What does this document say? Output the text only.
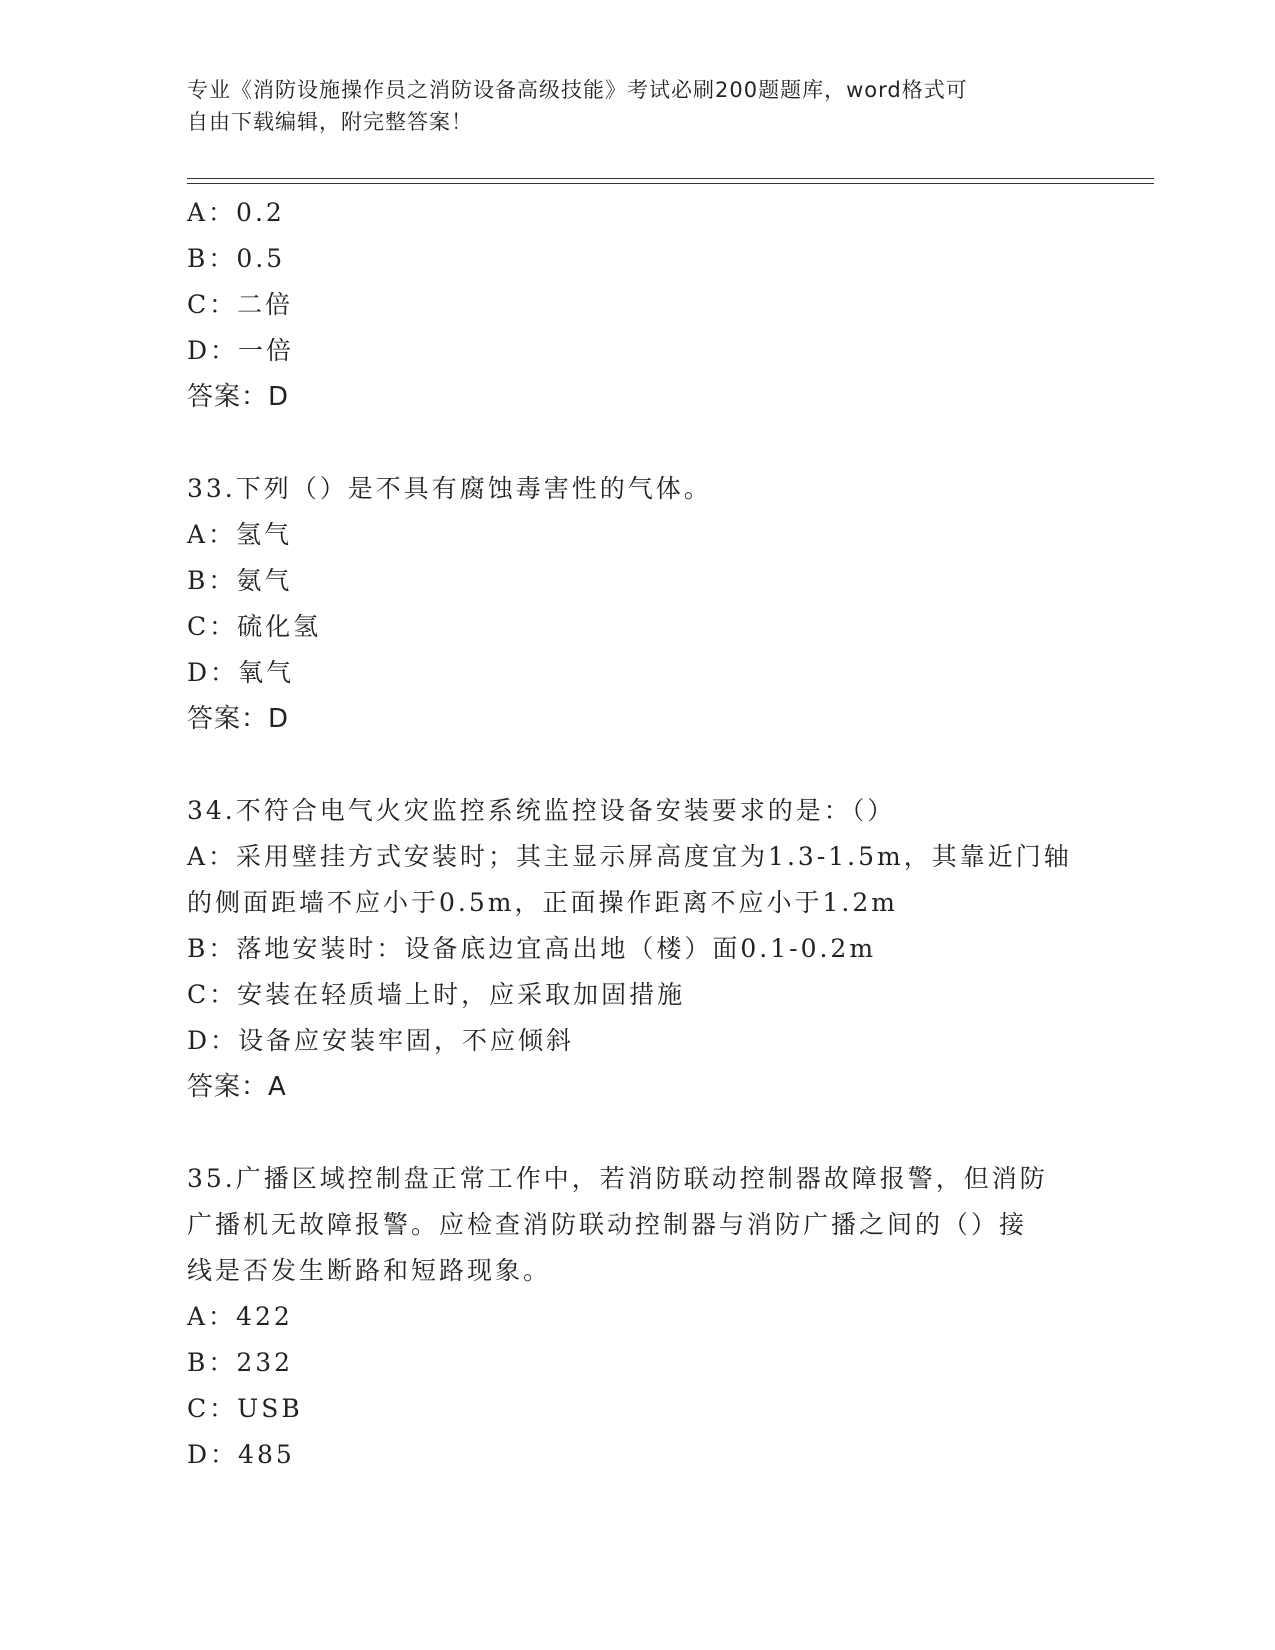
专业《消防设施操作员之消防设备高级技能》考试必刷200题题库，word格式可
自由下载编辑，附完整答案！
A：0.2
B：0.5
C：二倍
D：一倍
答案：D
33.下列（）是不具有腐蚀毒害性的气体。
A：氢气
B：氨气
C：硫化氢
D：氧气
答案：D
34.不符合电气火灾监控系统监控设备安装要求的是：（）
A：采用壁挂方式安装时；其主显示屏高度宜为1.3-1.5m，其靠近门轴
的侧面距墙不应小于0.5m，正面操作距离不应小于1.2m
B：落地安装时：设备底边宜高出地（楼）面0.1-0.2m
C：安装在轻质墙上时，应采取加固措施
D：设备应安装牢固，不应倾斜
答案：A
35.广播区域控制盘正常工作中，若消防联动控制器故障报警，但消防
广播机无故障报警。应检查消防联动控制器与消防广播之间的（）接
线是否发生断路和短路现象。
A：422
B：232
C：USB
D：485
